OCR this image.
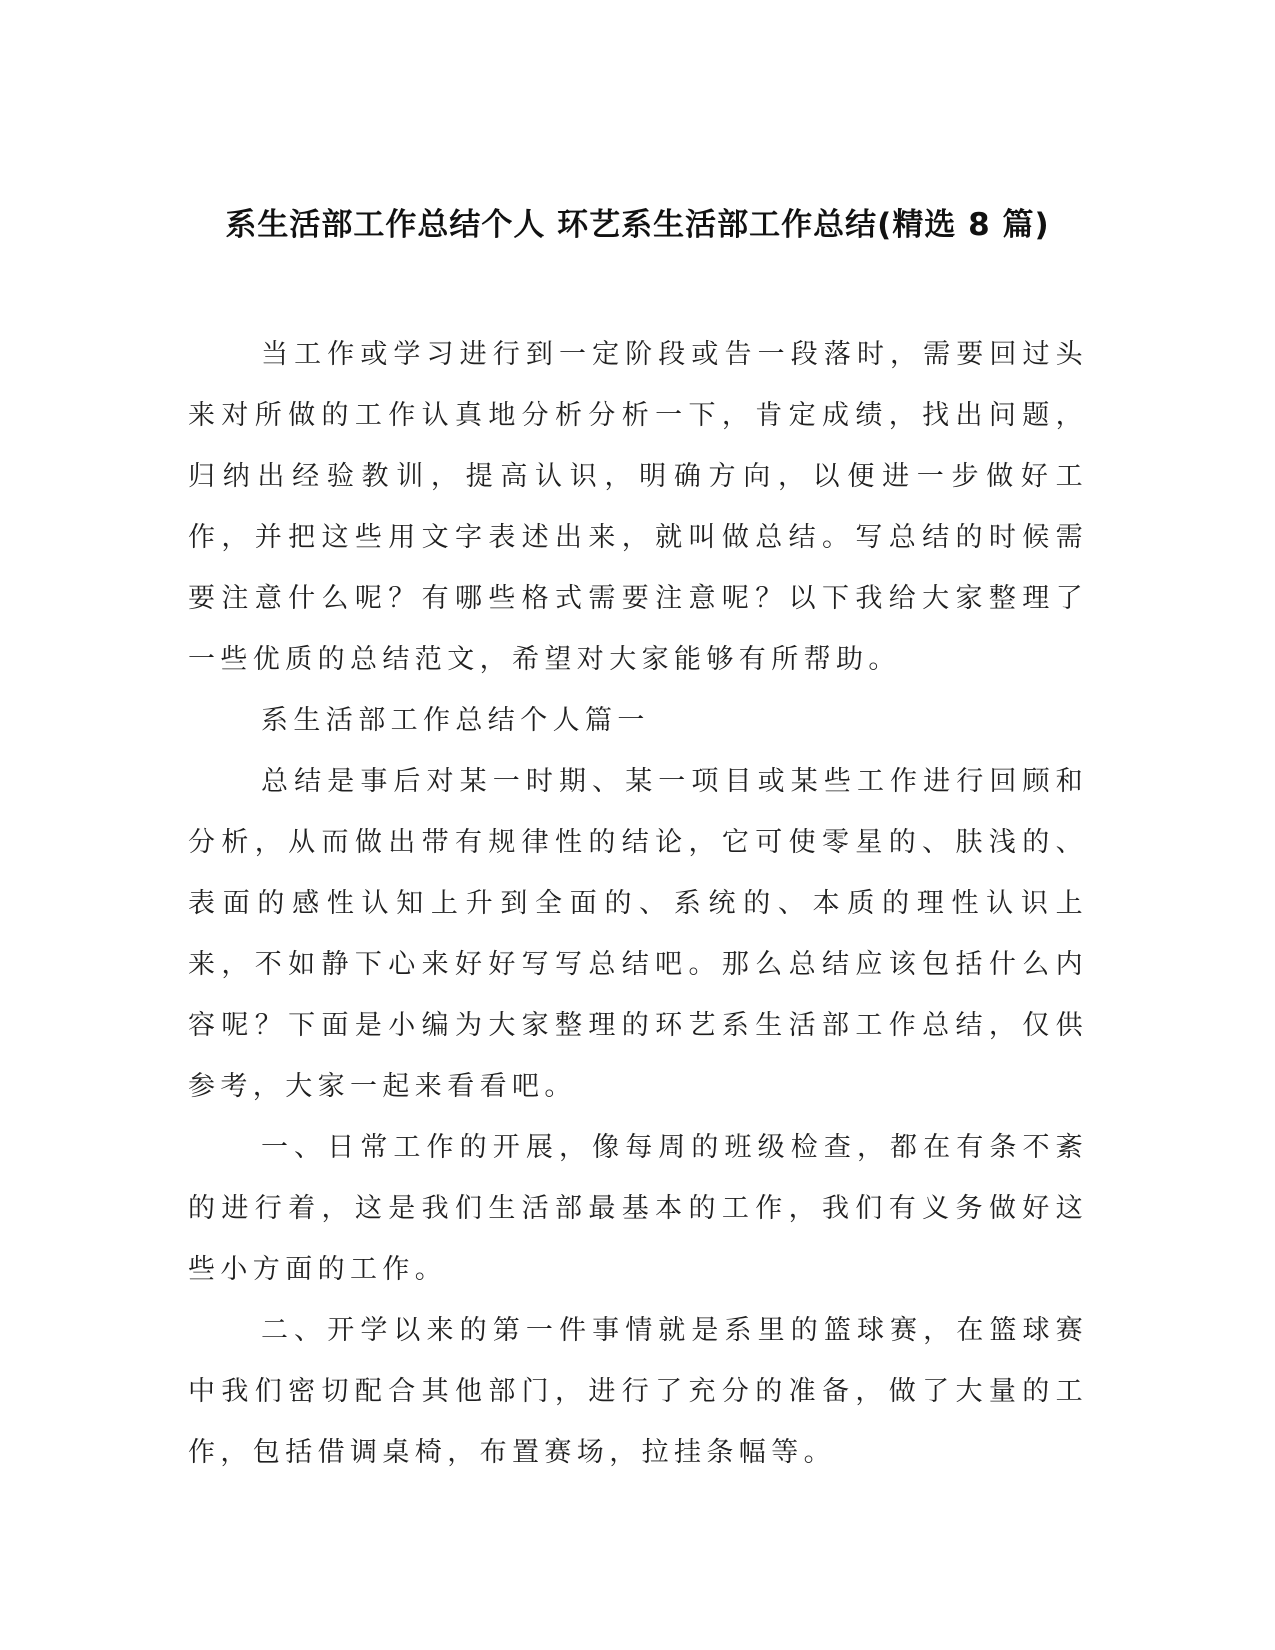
系生活部工作总结个人 环艺系生活部工作总结(精选 8 篇)

当工作或学习进行到一定阶段或告一段落时，需要回过头来对所做的工作认真地分析分析一下，肯定成绩，找出问题，归纳出经验教训，提高认识，明确方向，以便进一步做好工作，并把这些用文字表述出来，就叫做总结。写总结的时候需要注意什么呢？有哪些格式需要注意呢？以下我给大家整理了一些优质的总结范文，希望对大家能够有所帮助。

系生活部工作总结个人篇一

总结是事后对某一时期、某一项目或某些工作进行回顾和分析，从而做出带有规律性的结论，它可使零星的、肤浅的、表面的感性认知上升到全面的、系统的、本质的理性认识上来，不如静下心来好好写写总结吧。那么总结应该包括什么内容呢？下面是小编为大家整理的环艺系生活部工作总结，仅供参考，大家一起来看看吧。

一、日常工作的开展，像每周的班级检查，都在有条不紊的进行着，这是我们生活部最基本的工作，我们有义务做好这些小方面的工作。

二、开学以来的第一件事情就是系里的篮球赛，在篮球赛中我们密切配合其他部门，进行了充分的准备，做了大量的工作，包括借调桌椅，布置赛场，拉挂条幅等。
